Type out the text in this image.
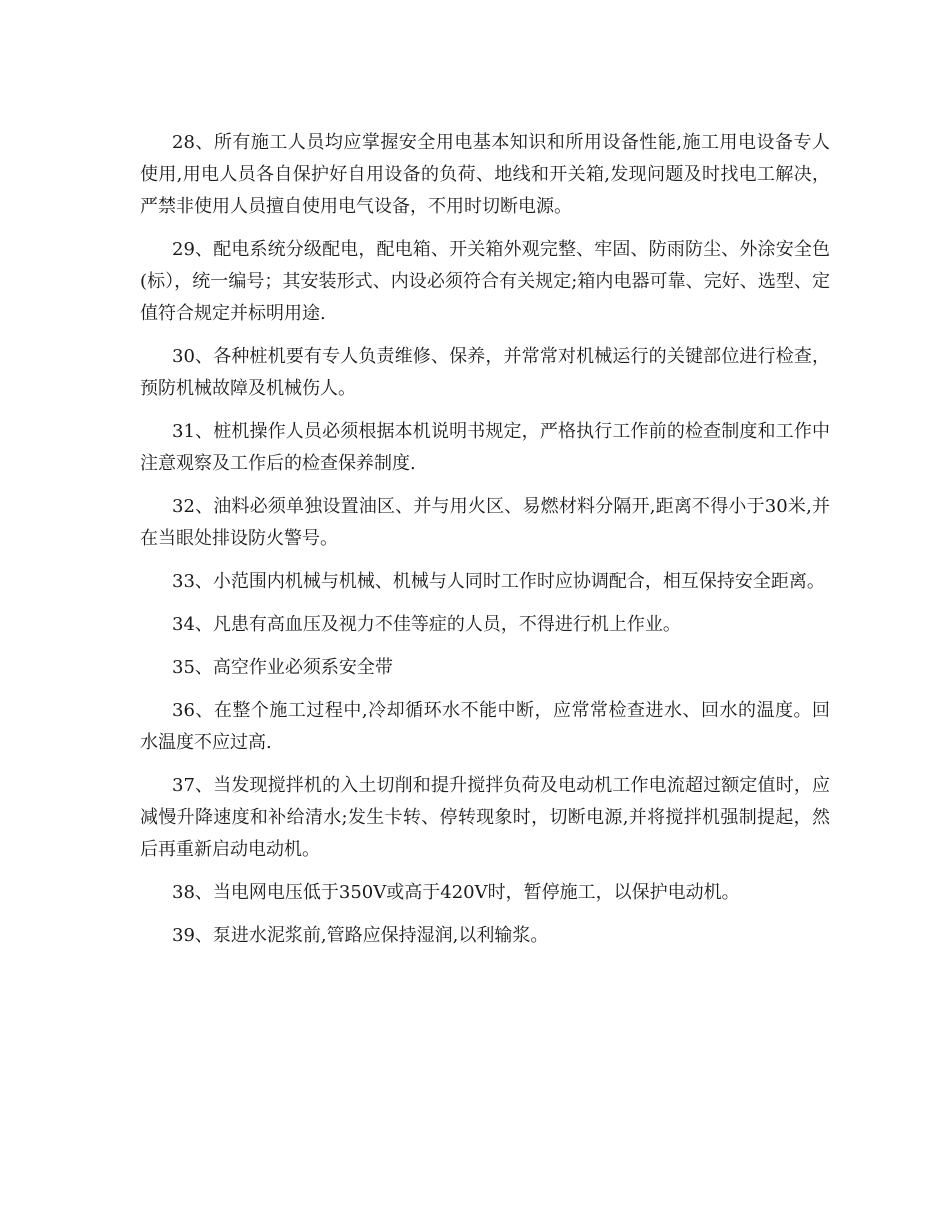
28、所有施工人员均应掌握安全用电基本知识和所用设备性能,施工用电设备专人使用,用电人员各自保护好自用设备的负荷、地线和开关箱,发现问题及时找电工解决，严禁非使用人员擅自使用电气设备，不用时切断电源。

29、配电系统分级配电，配电箱、开关箱外观完整、牢固、防雨防尘、外涂安全色(标），统一编号；其安装形式、内设必须符合有关规定;箱内电器可靠、完好、选型、定值符合规定并标明用途.

30、各种桩机要有专人负责维修、保养，并常常对机械运行的关键部位进行检查，预防机械故障及机械伤人。

31、桩机操作人员必须根据本机说明书规定，严格执行工作前的检查制度和工作中注意观察及工作后的检查保养制度.

32、油料必须单独设置油区、并与用火区、易燃材料分隔开,距离不得小于30米,并在当眼处排设防火警号。

33、小范围内机械与机械、机械与人同时工作时应协调配合，相互保持安全距离。

34、凡患有高血压及视力不佳等症的人员，不得进行机上作业。

35、高空作业必须系安全带

36、在整个施工过程中,冷却循环水不能中断，应常常检查进水、回水的温度。回水温度不应过高.

37、当发现搅拌机的入土切削和提升搅拌负荷及电动机工作电流超过额定值时，应减慢升降速度和补给清水;发生卡转、停转现象时，切断电源,并将搅拌机强制提起，然后再重新启动电动机。

38、当电网电压低于350V或高于420V时，暂停施工，以保护电动机。

39、泵进水泥浆前,管路应保持湿润,以利输浆。
